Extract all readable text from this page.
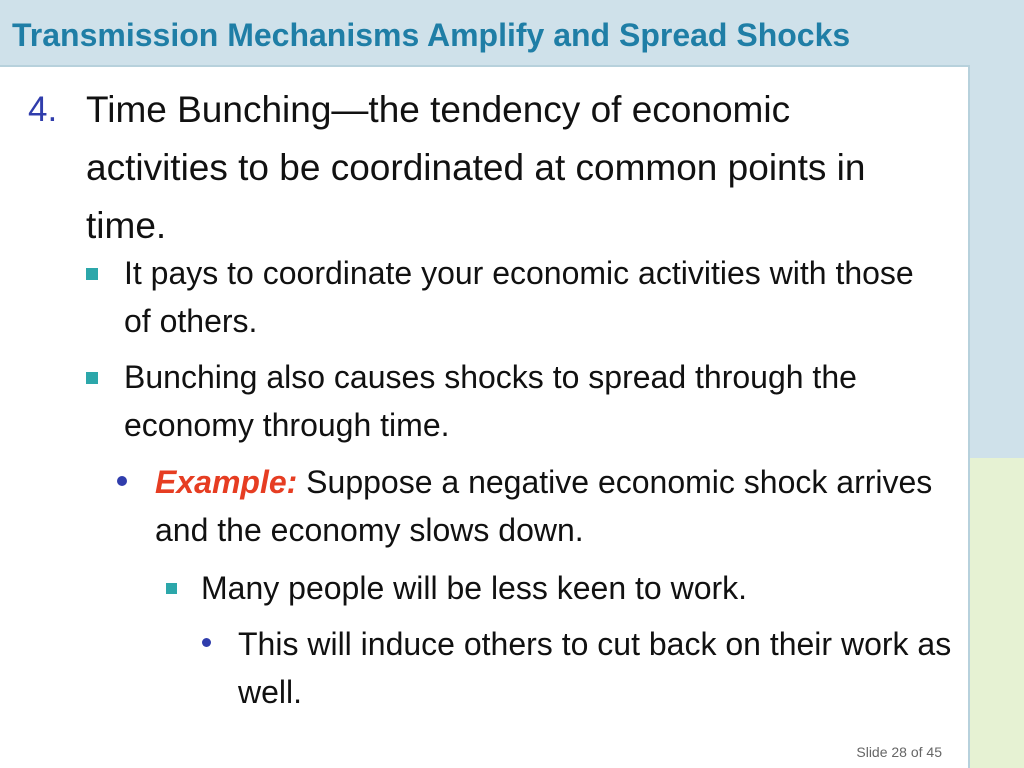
Transmission Mechanisms Amplify and Spread Shocks
4. Time Bunching—the tendency of economic activities to be coordinated at common points in time.
It pays to coordinate your economic activities with those of others.
Bunching also causes shocks to spread through the economy through time.
Example: Suppose a negative economic shock arrives and the economy slows down.
Many people will be less keen to work.
This will induce others to cut back on their work as well.
Slide 28 of 45
